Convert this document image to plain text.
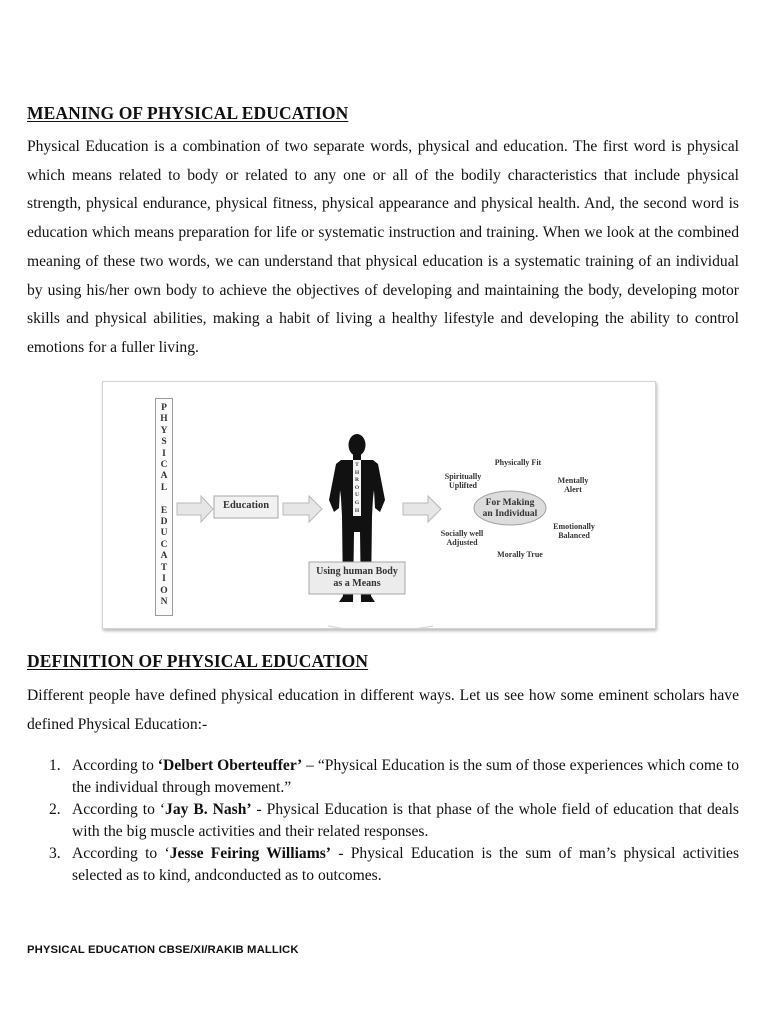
MEANING OF PHYSICAL EDUCATION

Physical Education is a combination of two separate words, physical and education. The first word is physical which means related to body or related to any one or all of the bodily characteristics that include physical strength, physical endurance, physical fitness, physical appearance and physical health. And, the second word is education which means preparation for life or systematic instruction and training. When we look at the combined meaning of these two words, we can understand that physical education is a systematic training of an individual by using his/her own body to achieve the objectives of developing and maintaining the body, developing motor skills and physical abilities, making a habit of living a healthy lifestyle and developing the ability to control emotions for a fuller living.

DEFINITION OF PHYSICAL EDUCATION

Different people have defined physical education in different ways. Let us see how some eminent scholars have defined Physical Education:-

1. According to ‘Delbert Oberteuffer’ – “Physical Education is the sum of those experiences which come to the individual through movement.”
2. According to ‘Jay B. Nash’ - Physical Education is that phase of the whole field of education that deals with the big muscle activities and their related responses.
3. According to ‘Jesse Feiring Williams’ - Physical Education is the sum of man’s physical activities selected as to kind, andconducted as to outcomes.
PHYSICAL EDUCATION CBSE/XI/RAKIB MALLICK
P
H
Y
S
I
C
A
L

E
D
U
C
A
T
I
O
N
Education
T
H
R
O
U
G
H
Using human Body
as a Means
For Making
an Individual
Physically Fit
Spiritually
Uplifted
Mentally
Alert
Socially well
Adjusted
Emotionally
Balanced
Morally True
